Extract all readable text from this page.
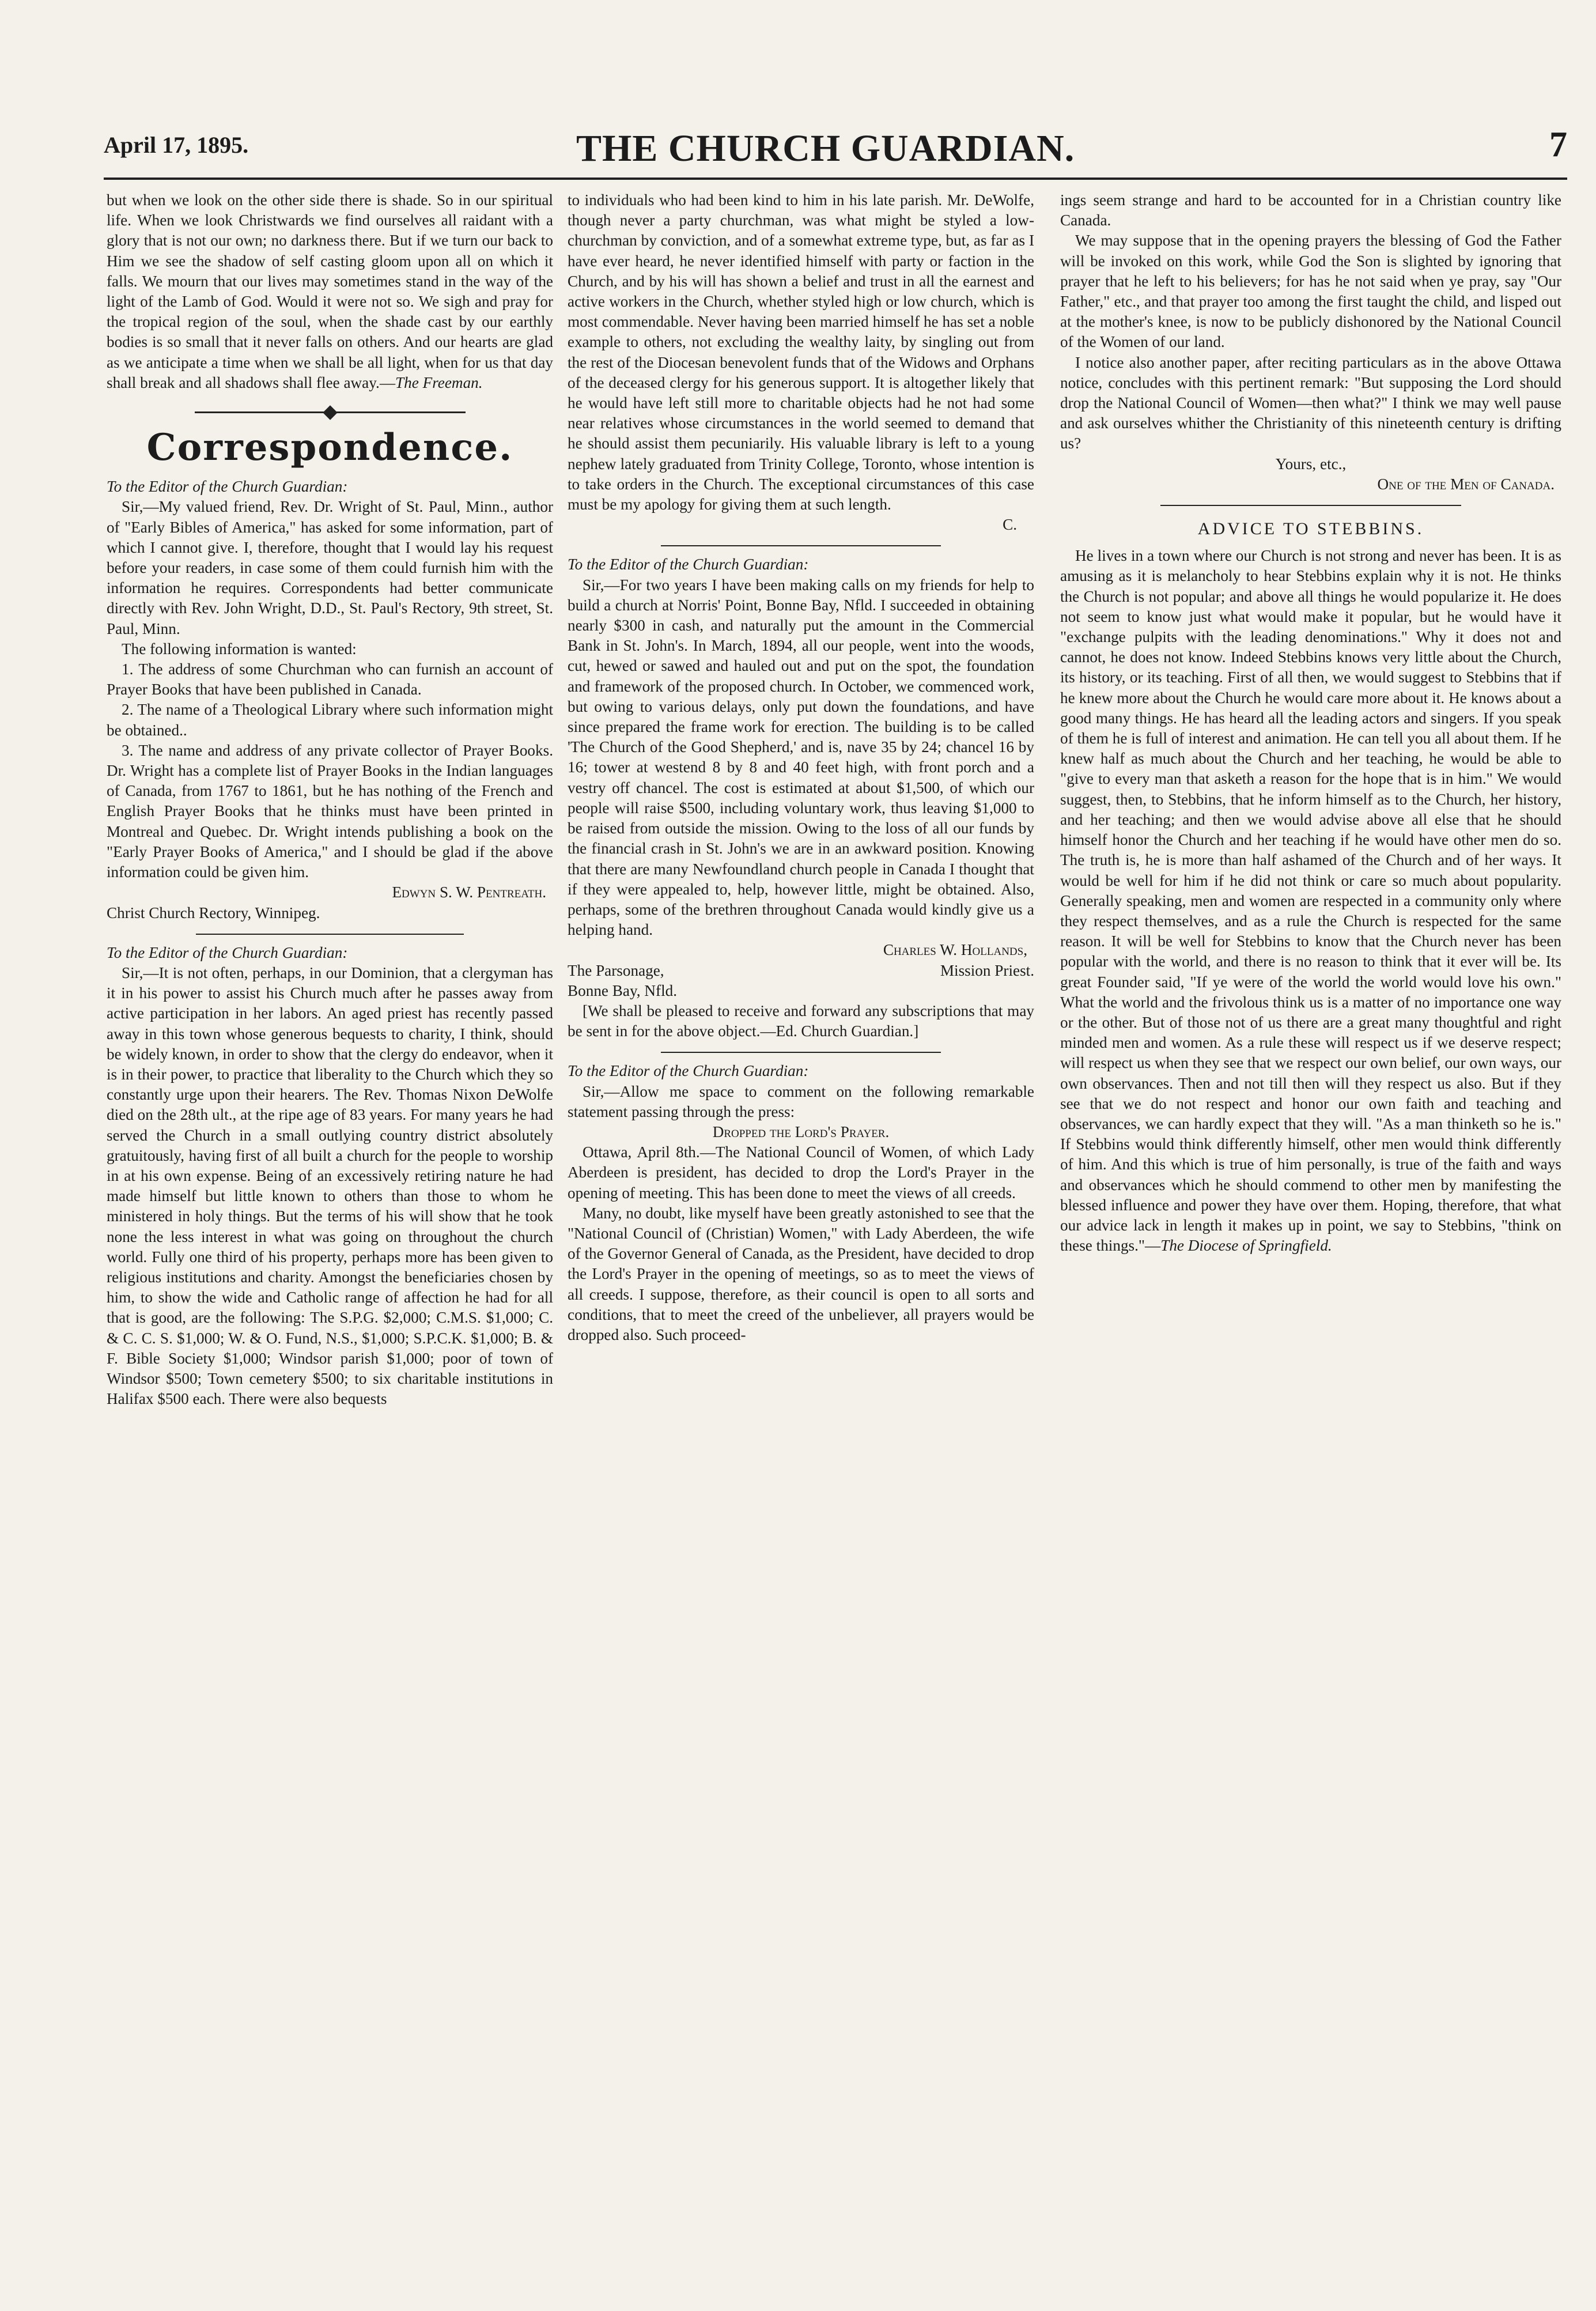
April 17, 1895.	THE CHURCH GUARDIAN.	7

but when we look on the other side there is shade. So in our spiritual life. When we look Christwards we find ourselves all raidant with a glory that is not our own; no darkness there. But if we turn our back to Him we see the shadow of self casting gloom upon all on which it falls. We mourn that our lives may sometimes stand in the way of the light of the Lamb of God. Would it were not so. We sigh and pray for the tropical region of the soul, when the shade cast by our earthly bodies is so small that it never falls on others. And our hearts are glad as we anticipate a time when we shall be all light, when for us that day shall break and all shadows shall flee away.—The Freeman.

Correspondence.

To the Editor of the Church Guardian:

Sir,—My valued friend, Rev. Dr. Wright of St. Paul, Minn., author of "Early Bibles of America," has asked for some information, part of which I cannot give. I, therefore, thought that I would lay his request before your readers, in case some of them could furnish him with the information he requires. Correspondents had better communicate directly with Rev. John Wright, D.D., St. Paul's Rectory, 9th street, St. Paul, Minn.

The following information is wanted:

1. The address of some Churchman who can furnish an account of Prayer Books that have been published in Canada.

2. The name of a Theological Library where such information might be obtained..

3. The name and address of any private collector of Prayer Books. Dr. Wright has a complete list of Prayer Books in the Indian languages of Canada, from 1767 to 1861, but he has nothing of the French and English Prayer Books that he thinks must have been printed in Montreal and Quebec. Dr. Wright intends publishing a book on the "Early Prayer Books of America," and I should be glad if the above information could be given him.

Edwyn S. W. Pentreath.

Christ Church Rectory, Winnipeg.

To the Editor of the Church Guardian:

Sir,—It is not often, perhaps, in our Dominion, that a clergyman has it in his power to assist his Church much after he passes away from active participation in her labors. An aged priest has recently passed away in this town whose generous bequests to charity, I think, should be widely known, in order to show that the clergy do endeavor, when it is in their power, to practice that liberality to the Church which they so constantly urge upon their hearers. The Rev. Thomas Nixon DeWolfe died on the 28th ult., at the ripe age of 83 years. For many years he had served the Church in a small outlying country district absolutely gratuitously, having first of all built a church for the people to worship in at his own expense. Being of an excessively retiring nature he had made himself but little known to others than those to whom he ministered in holy things. But the terms of his will show that he took none the less interest in what was going on throughout the church world. Fully one third of his property, perhaps more has been given to religious institutions and charity. Amongst the beneficiaries chosen by him, to show the wide and Catholic range of affection he had for all that is good, are the following: The S.P.G. $2,000; C.M.S. $1,000; C. & C. C. S. $1,000; W. & O. Fund, N.S., $1,000; S.P.C.K. $1,000; B. & F. Bible Society $1,000; Windsor parish $1,000; poor of town of Windsor $500; Town cemetery $500; to six charitable institutions in Halifax $500 each. There were also bequests

to individuals who had been kind to him in his late parish. Mr. DeWolfe, though never a party churchman, was what might be styled a low-churchman by conviction, and of a somewhat extreme type, but, as far as I have ever heard, he never identified himself with party or faction in the Church, and by his will has shown a belief and trust in all the earnest and active workers in the Church, whether styled high or low church, which is most commendable. Never having been married himself he has set a noble example to others, not excluding the wealthy laity, by singling out from the rest of the Diocesan benevolent funds that of the Widows and Orphans of the deceased clergy for his generous support. It is altogether likely that he would have left still more to charitable objects had he not had some near relatives whose circumstances in the world seemed to demand that he should assist them pecuniarily. His valuable library is left to a young nephew lately graduated from Trinity College, Toronto, whose intention is to take orders in the Church. The exceptional circumstances of this case must be my apology for giving them at such length.

C.

To the Editor of the Church Guardian:

Sir,—For two years I have been making calls on my friends for help to build a church at Norris' Point, Bonne Bay, Nfld. I succeeded in obtaining nearly $300 in cash, and naturally put the amount in the Commercial Bank in St. John's. In March, 1894, all our people, went into the woods, cut, hewed or sawed and hauled out and put on the spot, the foundation and framework of the proposed church. In October, we commenced work, but owing to various delays, only put down the foundations, and have since prepared the frame work for erection. The building is to be called 'The Church of the Good Shepherd,' and is, nave 35 by 24; chancel 16 by 16; tower at westend 8 by 8 and 40 feet high, with front porch and a vestry off chancel. The cost is estimated at about $1,500, of which our people will raise $500, including voluntary work, thus leaving $1,000 to be raised from outside the mission. Owing to the loss of all our funds by the financial crash in St. John's we are in an awkward position. Knowing that there are many Newfoundland church people in Canada I thought that if they were appealed to, help, however little, might be obtained. Also, perhaps, some of the brethren throughout Canada would kindly give us a helping hand.

Charles W. Hollands,

The Parsonage,	Mission Priest.

Bonne Bay, Nfld.

[We shall be pleased to receive and forward any subscriptions that may be sent in for the above object.—Ed. Church Guardian.]

To the Editor of the Church Guardian:

Sir,—Allow me space to comment on the following remarkable statement passing through the press:

Dropped the Lord's Prayer.

Ottawa, April 8th.—The National Council of Women, of which Lady Aberdeen is president, has decided to drop the Lord's Prayer in the opening of meeting. This has been done to meet the views of all creeds.

Many, no doubt, like myself have been greatly astonished to see that the "National Council of (Christian) Women," with Lady Aberdeen, the wife of the Governor General of Canada, as the President, have decided to drop the Lord's Prayer in the opening of meetings, so as to meet the views of all creeds. I suppose, therefore, as their council is open to all sorts and conditions, that to meet the creed of the unbeliever, all prayers would be dropped also. Such proceed-

ings seem strange and hard to be accounted for in a Christian country like Canada.

We may suppose that in the opening prayers the blessing of God the Father will be invoked on this work, while God the Son is slighted by ignoring that prayer that he left to his believers; for has he not said when ye pray, say "Our Father," etc., and that prayer too among the first taught the child, and lisped out at the mother's knee, is now to be publicly dishonored by the National Council of the Women of our land.

I notice also another paper, after reciting particulars as in the above Ottawa notice, concludes with this pertinent remark: "But supposing the Lord should drop the National Council of Women—then what?" I think we may well pause and ask ourselves whither the Christianity of this nineteenth century is drifting us?

Yours, etc.,

One of the Men of Canada.

ADVICE TO STEBBINS.

He lives in a town where our Church is not strong and never has been. It is as amusing as it is melancholy to hear Stebbins explain why it is not. He thinks the Church is not popular; and above all things he would popularize it. He does not seem to know just what would make it popular, but he would have it "exchange pulpits with the leading denominations." Why it does not and cannot, he does not know. Indeed Stebbins knows very little about the Church, its history, or its teaching. First of all then, we would suggest to Stebbins that if he knew more about the Church he would care more about it. He knows about a good many things. He has heard all the leading actors and singers. If you speak of them he is full of interest and animation. He can tell you all about them. If he knew half as much about the Church and her teaching, he would be able to "give to every man that asketh a reason for the hope that is in him." We would suggest, then, to Stebbins, that he inform himself as to the Church, her history, and her teaching; and then we would advise above all else that he should himself honor the Church and her teaching if he would have other men do so. The truth is, he is more than half ashamed of the Church and of her ways. It would be well for him if he did not think or care so much about popularity. Generally speaking, men and women are respected in a community only where they respect themselves, and as a rule the Church is respected for the same reason. It will be well for Stebbins to know that the Church never has been popular with the world, and there is no reason to think that it ever will be. Its great Founder said, "If ye were of the world the world would love his own." What the world and the frivolous think us is a matter of no importance one way or the other. But of those not of us there are a great many thoughtful and right minded men and women. As a rule these will respect us if we deserve respect; will respect us when they see that we respect our own belief, our own ways, our own observances. Then and not till then will they respect us also. But if they see that we do not respect and honor our own faith and teaching and observances, we can hardly expect that they will. "As a man thinketh so he is." If Stebbins would think differently himself, other men would think differently of him. And this which is true of him personally, is true of the faith and ways and observances which he should commend to other men by manifesting the blessed influence and power they have over them. Hoping, therefore, that what our advice lack in length it makes up in point, we say to Stebbins, "think on these things."—The Diocese of Springfield.
